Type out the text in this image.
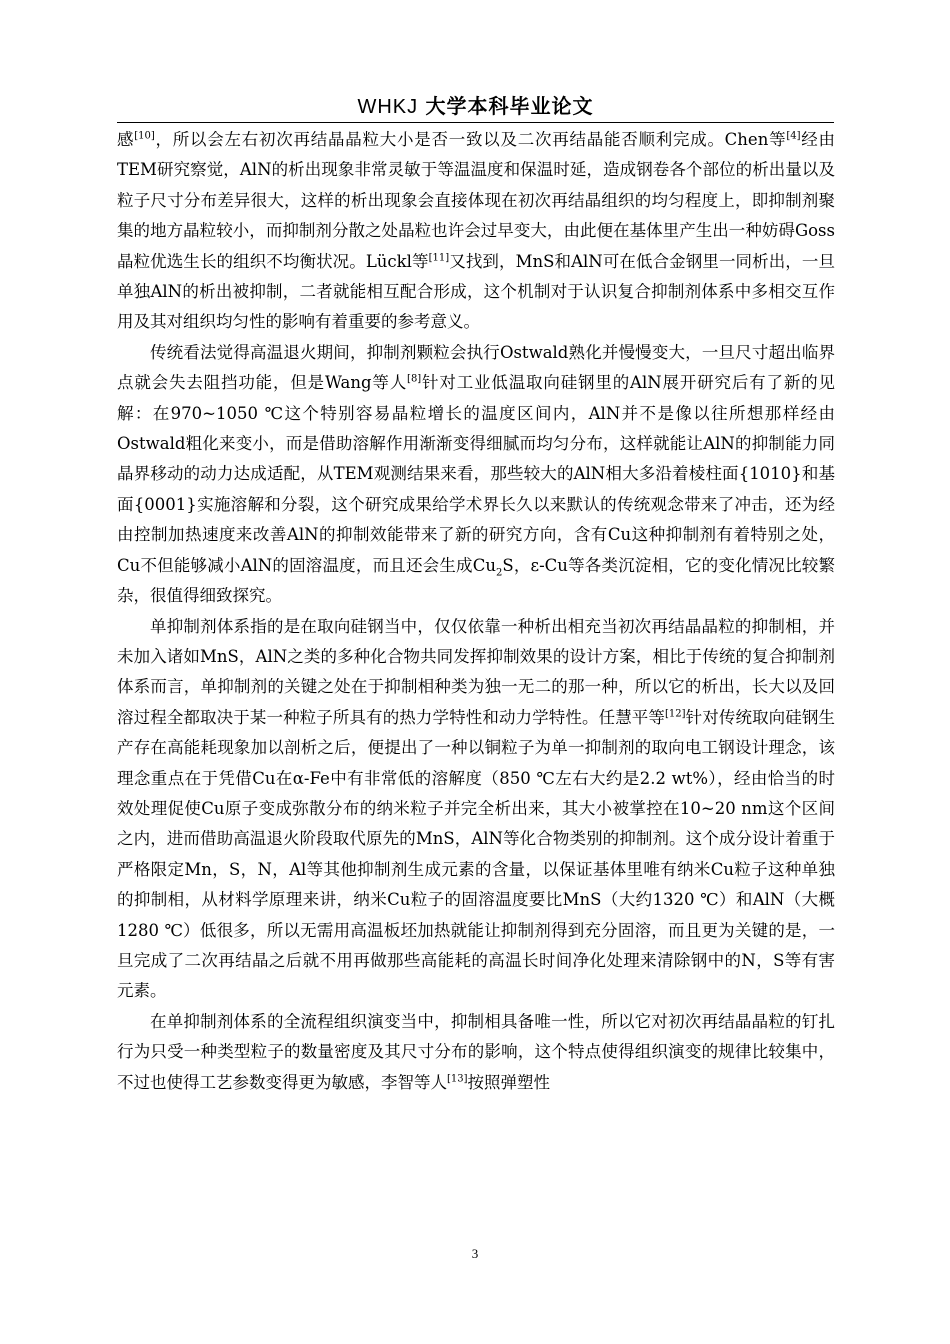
WHKJ 大学本科毕业论文

感[10]，所以会左右初次再结晶晶粒大小是否一致以及二次再结晶能否顺利完成。Chen等[4]经由TEM研究察觉，AlN的析出现象非常灵敏于等温温度和保温时延，造成钢卷各个部位的析出量以及粒子尺寸分布差异很大，这样的析出现象会直接体现在初次再结晶组织的均匀程度上，即抑制剂聚集的地方晶粒较小，而抑制剂分散之处晶粒也许会过早变大，由此便在基体里产生出一种妨碍Goss晶粒优选生长的组织不均衡状况。Lückl等[11]又找到，MnS和AlN可在低合金钢里一同析出，一旦单独AlN的析出被抑制，二者就能相互配合形成，这个机制对于认识复合抑制剂体系中多相交互作用及其对组织均匀性的影响有着重要的参考意义。

传统看法觉得高温退火期间，抑制剂颗粒会执行Ostwald熟化并慢慢变大，一旦尺寸超出临界点就会失去阻挡功能，但是Wang等人[8]针对工业低温取向硅钢里的AlN展开研究后有了新的见解：在970~1050 ℃这个特别容易晶粒增长的温度区间内，AlN并不是像以往所想那样经由Ostwald粗化来变小，而是借助溶解作用渐渐变得细腻而均匀分布，这样就能让AlN的抑制能力同晶界移动的动力达成适配，从TEM观测结果来看，那些较大的AlN相大多沿着棱柱面{1010}和基面{0001}实施溶解和分裂，这个研究成果给学术界长久以来默认的传统观念带来了冲击，还为经由控制加热速度来改善AlN的抑制效能带来了新的研究方向，含有Cu这种抑制剂有着特别之处，Cu不但能够减小AlN的固溶温度，而且还会生成$Cu_2S$，ε-Cu等各类沉淀相，它的变化情况比较繁杂，很值得细致探究。

单抑制剂体系指的是在取向硅钢当中，仅仅依靠一种析出相充当初次再结晶晶粒的抑制相，并未加入诸如MnS，AlN之类的多种化合物共同发挥抑制效果的设计方案，相比于传统的复合抑制剂体系而言，单抑制剂的关键之处在于抑制相种类为独一无二的那一种，所以它的析出，长大以及回溶过程全都取决于某一种粒子所具有的热力学特性和动力学特性。任慧平等[12]针对传统取向硅钢生产存在高能耗现象加以剖析之后，便提出了一种以铜粒子为单一抑制剂的取向电工钢设计理念，该理念重点在于凭借Cu在α-Fe中有非常低的溶解度（850 ℃左右大约是2.2 wt%），经由恰当的时效处理促使Cu原子变成弥散分布的纳米粒子并完全析出来，其大小被掌控在10~20 nm这个区间之内，进而借助高温退火阶段取代原先的MnS，AlN等化合物类别的抑制剂。这个成分设计着重于严格限定Mn，S，N，Al等其他抑制剂生成元素的含量，以保证基体里唯有纳米Cu粒子这种单独的抑制相，从材料学原理来讲，纳米Cu粒子的固溶温度要比MnS（大约1320 ℃）和AlN（大概1280 ℃）低很多，所以无需用高温板坯加热就能让抑制剂得到充分固溶，而且更为关键的是，一旦完成了二次再结晶之后就不用再做那些高能耗的高温长时间净化处理来清除钢中的N，S等有害元素。

在单抑制剂体系的全流程组织演变当中，抑制相具备唯一性，所以它对初次再结晶晶粒的钉扎行为只受一种类型粒子的数量密度及其尺寸分布的影响，这个特点使得组织演变的规律比较集中，不过也使得工艺参数变得更为敏感，李智等人[13]按照弹塑性

3
